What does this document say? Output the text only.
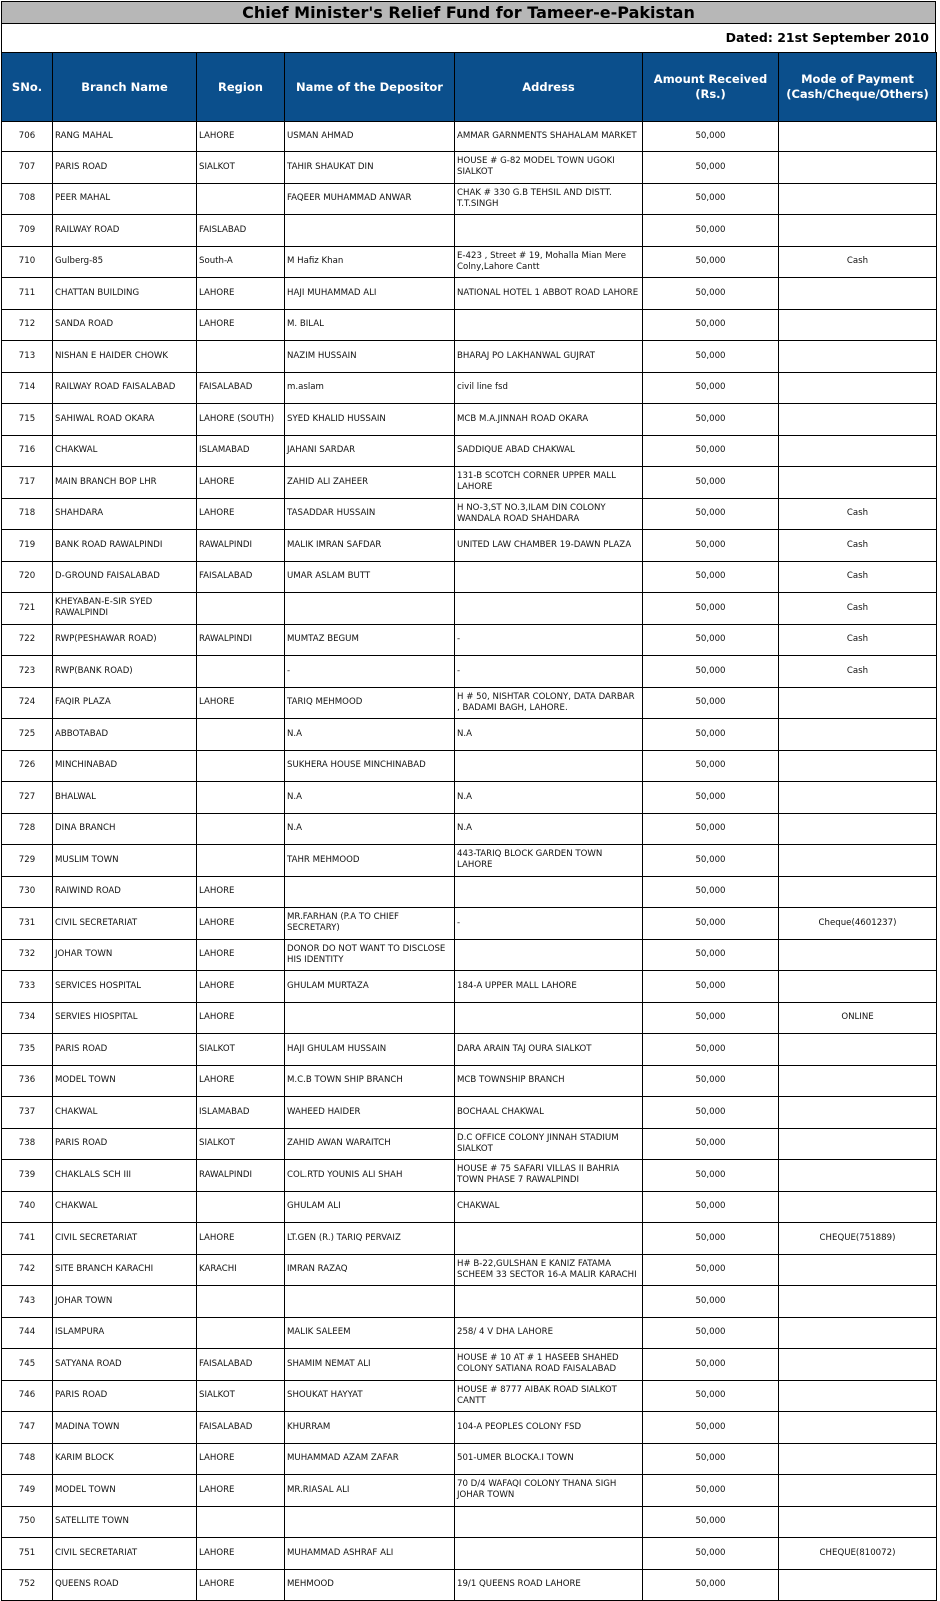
Chief Minister's Relief Fund for Tameer-e-Pakistan
Dated: 21st September 2010
SNo.	Branch Name	Region	Name of the Depositor	Address	Amount Received (Rs.)	Mode of Payment (Cash/Cheque/Others)
706	RANG MAHAL	LAHORE	USMAN AHMAD	AMMAR GARNMENTS SHAHALAM MARKET	50,000	
707	PARIS ROAD	SIALKOT	TAHIR SHAUKAT DIN	HOUSE # G-82 MODEL TOWN UGOKI SIALKOT	50,000	
708	PEER MAHAL		FAQEER MUHAMMAD ANWAR	CHAK # 330 G.B TEHSIL AND DISTT. T.T.SINGH	50,000	
709	RAILWAY ROAD	FAISLABAD			50,000	
710	Gulberg-85	South-A	M Hafiz Khan	E-423 , Street # 19, Mohalla Mian Mere Colny,Lahore Cantt	50,000	Cash
711	CHATTAN BUILDING	LAHORE	HAJI MUHAMMAD ALI	NATIONAL HOTEL 1 ABBOT ROAD LAHORE	50,000	
712	SANDA ROAD	LAHORE	M. BILAL		50,000	
713	NISHAN E HAIDER CHOWK		NAZIM HUSSAIN	BHARAJ PO LAKHANWAL GUJRAT	50,000	
714	RAILWAY ROAD FAISALABAD	FAISALABAD	m.aslam	civil line fsd	50,000	
715	SAHIWAL ROAD OKARA	LAHORE (SOUTH)	SYED KHALID HUSSAIN	MCB M.A.JINNAH ROAD OKARA	50,000	
716	CHAKWAL	ISLAMABAD	JAHANI SARDAR	SADDIQUE ABAD CHAKWAL	50,000	
717	MAIN BRANCH BOP LHR	LAHORE	ZAHID ALI ZAHEER	131-B SCOTCH CORNER UPPER MALL LAHORE	50,000	
718	SHAHDARA	LAHORE	TASADDAR HUSSAIN	H NO-3,ST NO.3,ILAM DIN COLONY WANDALA ROAD SHAHDARA	50,000	Cash
719	BANK ROAD RAWALPINDI	RAWALPINDI	MALIK IMRAN SAFDAR	UNITED LAW CHAMBER 19-DAWN PLAZA	50,000	Cash
720	D-GROUND FAISALABAD	FAISALABAD	UMAR ASLAM BUTT		50,000	Cash
721	KHEYABAN-E-SIR SYED RAWALPINDI				50,000	Cash
722	RWP(PESHAWAR ROAD)	RAWALPINDI	MUMTAZ BEGUM	-	50,000	Cash
723	RWP(BANK ROAD)		-	-	50,000	Cash
724	FAQIR PLAZA	LAHORE	TARIQ MEHMOOD	H # 50, NISHTAR COLONY, DATA DARBAR , BADAMI BAGH, LAHORE.	50,000	
725	ABBOTABAD		N.A	N.A	50,000	
726	MINCHINABAD		SUKHERA HOUSE MINCHINABAD		50,000	
727	BHALWAL		N.A	N.A	50,000	
728	DINA BRANCH		N.A	N.A	50,000	
729	MUSLIM TOWN		TAHR MEHMOOD	443-TARIQ BLOCK GARDEN TOWN LAHORE	50,000	
730	RAIWIND ROAD	LAHORE			50,000	
731	CIVIL SECRETARIAT	LAHORE	MR.FARHAN (P.A TO CHIEF SECRETARY)	-	50,000	Cheque(4601237)
732	JOHAR TOWN	LAHORE	DONOR DO NOT WANT TO DISCLOSE HIS IDENTITY		50,000	
733	SERVICES HOSPITAL	LAHORE	GHULAM MURTAZA	184-A UPPER MALL LAHORE	50,000	
734	SERVIES HIOSPITAL	LAHORE			50,000	ONLINE
735	PARIS ROAD	SIALKOT	HAJI GHULAM HUSSAIN	DARA ARAIN TAJ OURA SIALKOT	50,000	
736	MODEL TOWN	LAHORE	M.C.B TOWN SHIP BRANCH	MCB TOWNSHIP BRANCH	50,000	
737	CHAKWAL	ISLAMABAD	WAHEED HAIDER	BOCHAAL CHAKWAL	50,000	
738	PARIS ROAD	SIALKOT	ZAHID AWAN WARAITCH	D.C OFFICE COLONY JINNAH STADIUM SIALKOT	50,000	
739	CHAKLALS SCH III	RAWALPINDI	COL.RTD YOUNIS ALI SHAH	HOUSE # 75 SAFARI VILLAS II BAHRIA TOWN PHASE 7 RAWALPINDI	50,000	
740	CHAKWAL		GHULAM ALI	CHAKWAL	50,000	
741	CIVIL SECRETARIAT	LAHORE	LT.GEN (R.) TARIQ PERVAIZ		50,000	CHEQUE(751889)
742	SITE BRANCH KARACHI	KARACHI	IMRAN RAZAQ	H# B-22,GULSHAN E KANIZ FATAMA SCHEEM 33 SECTOR 16-A MALIR KARACHI	50,000	
743	JOHAR TOWN				50,000	
744	ISLAMPURA		MALIK SALEEM	258/ 4 V DHA LAHORE	50,000	
745	SATYANA ROAD	FAISALABAD	SHAMIM NEMAT ALI	HOUSE # 10 AT # 1 HASEEB SHAHED COLONY SATIANA ROAD FAISALABAD	50,000	
746	PARIS ROAD	SIALKOT	SHOUKAT HAYYAT	HOUSE # 8777 AIBAK ROAD SIALKOT CANTT	50,000	
747	MADINA TOWN	FAISALABAD	KHURRAM	104-A PEOPLES COLONY FSD	50,000	
748	KARIM BLOCK	LAHORE	MUHAMMAD AZAM ZAFAR	501-UMER BLOCKA.I TOWN	50,000	
749	MODEL TOWN	LAHORE	MR.RIASAL ALI	70 D/4 WAFAQI COLONY THANA SIGH JOHAR TOWN	50,000	
750	SATELLITE TOWN				50,000	
751	CIVIL SECRETARIAT	LAHORE	MUHAMMAD ASHRAF ALI		50,000	CHEQUE(810072)
752	QUEENS ROAD	LAHORE	MEHMOOD	19/1 QUEENS ROAD LAHORE	50,000	
